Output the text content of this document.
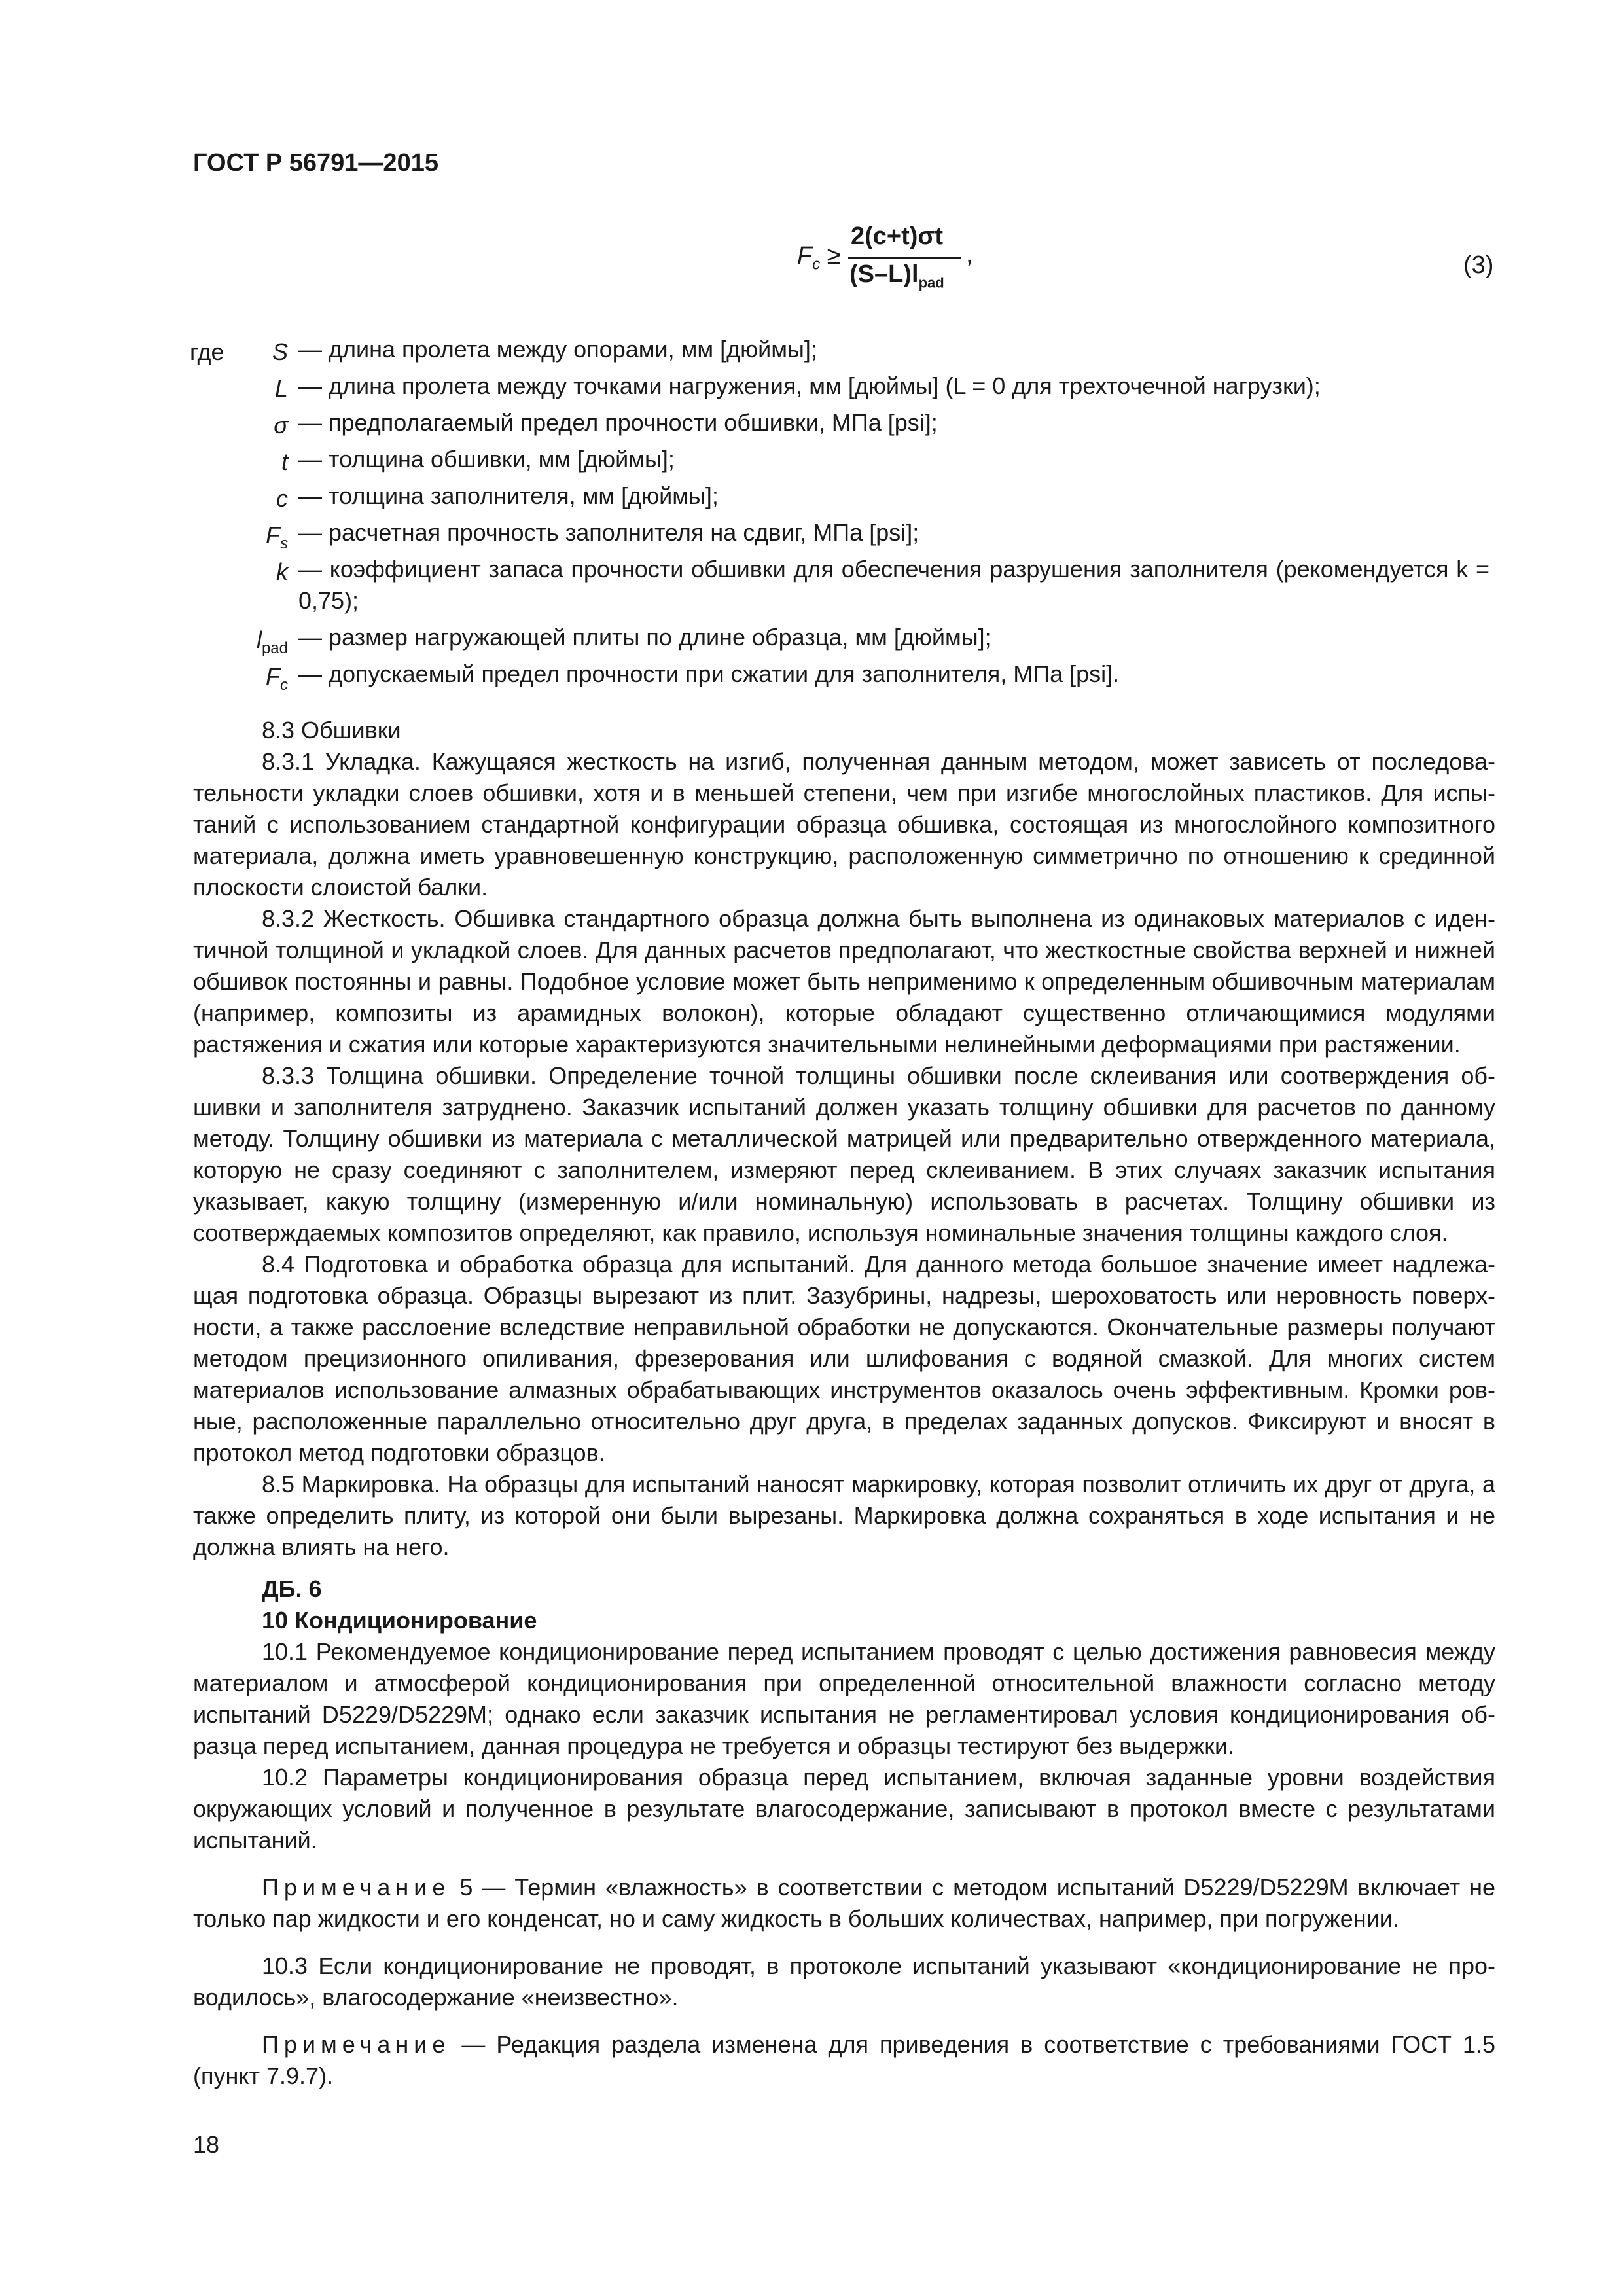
ГОСТ Р 56791—2015
$F_c$ ≥
2(c+t)σt
$(S-L)l_{pad}$
,	(3)
где	S — длина пролета между опорами, мм [дюймы];
L — длина пролета между точками нагружения, мм [дюймы] (L = 0 для трехточечной нагрузки);
σ — предполагаемый предел прочности обшивки, МПа [psi];
t — толщина обшивки, мм [дюймы];
c — толщина заполнителя, мм [дюймы];
$F_s$ — расчетная прочность заполнителя на сдвиг, МПа [psi];
k — коэффициент запаса прочности обшивки для обеспечения разрушения заполнителя (рекомендуется k = 0,75);
$l_{pad}$ — размер нагружающей плиты по длине образца, мм [дюймы];
$F_c$ — допускаемый предел прочности при сжатии для заполнителя, МПа [psi].

8.3 Обшивки

8.3.1 Укладка. Кажущаяся жесткость на изгиб, полученная данным методом, может зависеть от последовательности укладки слоев обшивки, хотя и в меньшей степени, чем при изгибе многослойных пластиков. Для испытаний с использованием стандартной конфигурации образца обшивка, состоящая из многослойного композитного материала, должна иметь уравновешенную конструкцию, расположенную симметрично по отношению к срединной плоскости слоистой балки.

8.3.2 Жесткость. Обшивка стандартного образца должна быть выполнена из одинаковых материалов с идентичной толщиной и укладкой слоев. Для данных расчетов предполагают, что жесткостные свойства верхней и нижней обшивок постоянны и равны. Подобное условие может быть неприменимо к определенным обшивочным материалам (например, композиты из арамидных волокон), которые обладают существенно отличающимися модулями растяжения и сжатия или которые характеризуются значительными нелинейными деформациями при растяжении.

8.3.3 Толщина обшивки. Определение точной толщины обшивки после склеивания или соотверждения обшивки и заполнителя затруднено. Заказчик испытаний должен указать толщину обшивки для расчетов по данному методу. Толщину обшивки из материала с металлической матрицей или предварительно отвержденного материала, которую не сразу соединяют с заполнителем, измеряют перед склеиванием. В этих случаях заказчик испытания указывает, какую толщину (измеренную и/или номинальную) использовать в расчетах. Толщину обшивки из соотверждаемых композитов определяют, как правило, используя номинальные значения толщины каждого слоя.

8.4 Подготовка и обработка образца для испытаний. Для данного метода большое значение имеет надлежащая подготовка образца. Образцы вырезают из плит. Зазубрины, надрезы, шероховатость или неровность поверхности, а также расслоение вследствие неправильной обработки не допускаются. Окончательные размеры получают методом прецизионного опиливания, фрезерования или шлифования с водяной смазкой. Для многих систем материалов использование алмазных обрабатывающих инструментов оказалось очень эффективным. Кромки ровные, расположенные параллельно относительно друг друга, в пределах заданных допусков. Фиксируют и вносят в протокол метод подготовки образцов.

8.5 Маркировка. На образцы для испытаний наносят маркировку, которая позволит отличить их друг от друга, а также определить плиту, из которой они были вырезаны. Маркировка должна сохраняться в ходе испытания и не должна влиять на него.

ДБ. 6

10 Кондиционирование

10.1 Рекомендуемое кондиционирование перед испытанием проводят с целью достижения равновесия между материалом и атмосферой кондиционирования при определенной относительной влажности согласно методу испытаний D5229/D5229M; однако если заказчик испытания не регламентировал условия кондиционирования образца перед испытанием, данная процедура не требуется и образцы тестируют без выдержки.

10.2 Параметры кондиционирования образца перед испытанием, включая заданные уровни воздействия окружающих условий и полученное в результате влагосодержание, записывают в протокол вместе с результатами испытаний.

Примечание 5 — Термин «влажность» в соответствии с методом испытаний D5229/D5229M включает не только пар жидкости и его конденсат, но и саму жидкость в больших количествах, например, при погружении.

10.3 Если кондиционирование не проводят, в протоколе испытаний указывают «кондиционирование не проводилось», влагосодержание «неизвестно».

Примечание — Редакция раздела изменена для приведения в соответствие с требованиями ГОСТ 1.5 (пункт 7.9.7).

18
